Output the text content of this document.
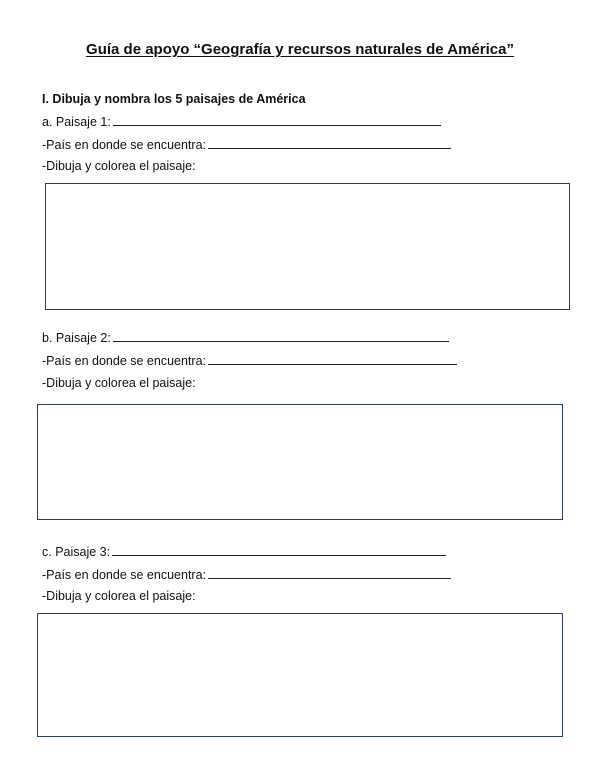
Guía de apoyo “Geografía y recursos naturales de América”
I. Dibuja y nombra los 5 paisajes de América
a. Paisaje 1:
-País en donde se encuentra:
-Dibuja y colorea el paisaje:
b. Paisaje 2:
-País en donde se encuentra:
-Dibuja y colorea el paisaje:
c. Paisaje 3:
-País en donde se encuentra:
-Dibuja y colorea el paisaje:
